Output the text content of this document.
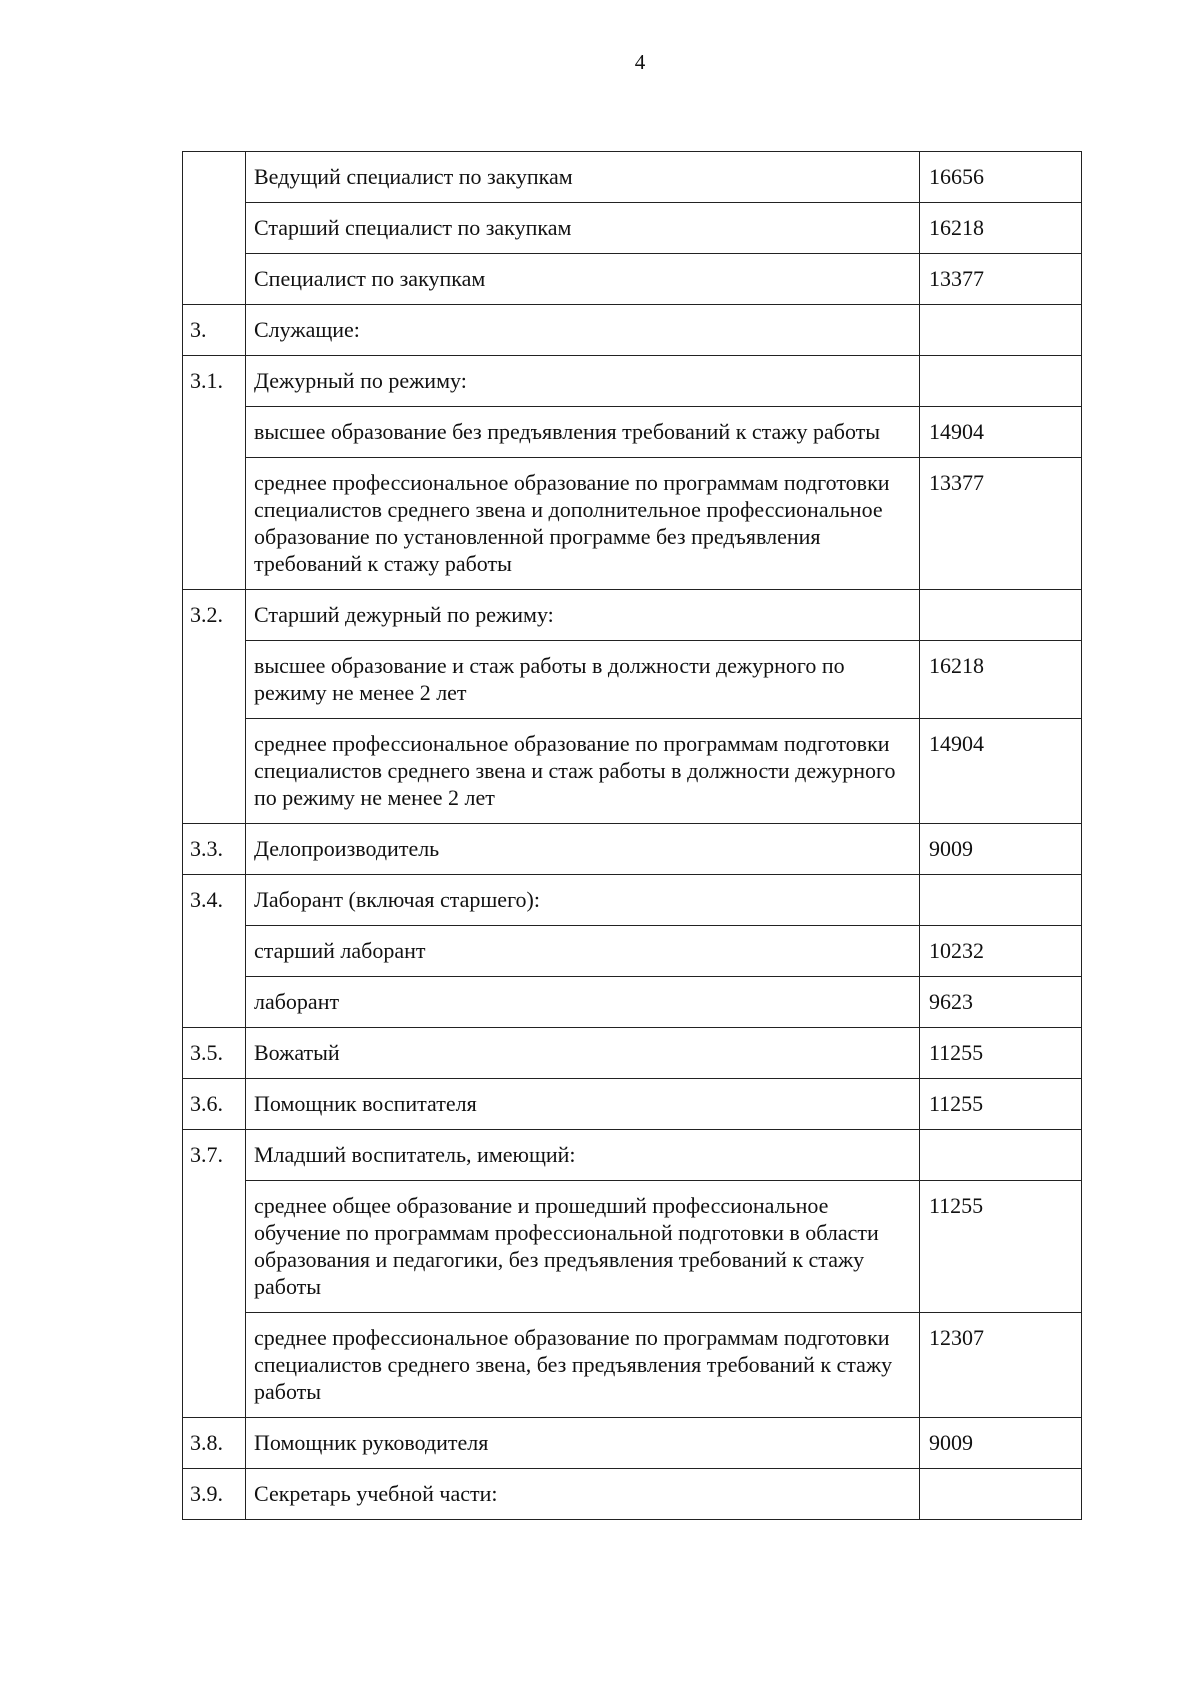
4
	Ведущий специалист по закупкам	16656
	Старший специалист по закупкам	16218
	Специалист по закупкам	13377
3.	Служащие:	
3.1.	Дежурный по режиму:	
	высшее образование без предъявления требований к стажу работы	14904
	среднее профессиональное образование по программам подготовки специалистов среднего звена и дополнительное профессиональное образование по установленной программе без предъявления требований к стажу работы	13377
3.2.	Старший дежурный по режиму:	
	высшее образование и стаж работы в должности дежурного по режиму не менее 2 лет	16218
	среднее профессиональное образование по программам подготовки специалистов среднего звена и стаж работы в должности дежурного по режиму не менее 2 лет	14904
3.3.	Делопроизводитель	9009
3.4.	Лаборант (включая старшего):	
	старший лаборант	10232
	лаборант	9623
3.5.	Вожатый	11255
3.6.	Помощник воспитателя	11255
3.7.	Младший воспитатель, имеющий:	
	среднее общее образование и прошедший профессиональное обучение по программам профессиональной подготовки в области образования и педагогики, без предъявления требований к стажу работы	11255
	среднее профессиональное образование по программам подготовки специалистов среднего звена, без предъявления требований к стажу работы	12307
3.8.	Помощник руководителя	9009
3.9.	Секретарь учебной части:	
